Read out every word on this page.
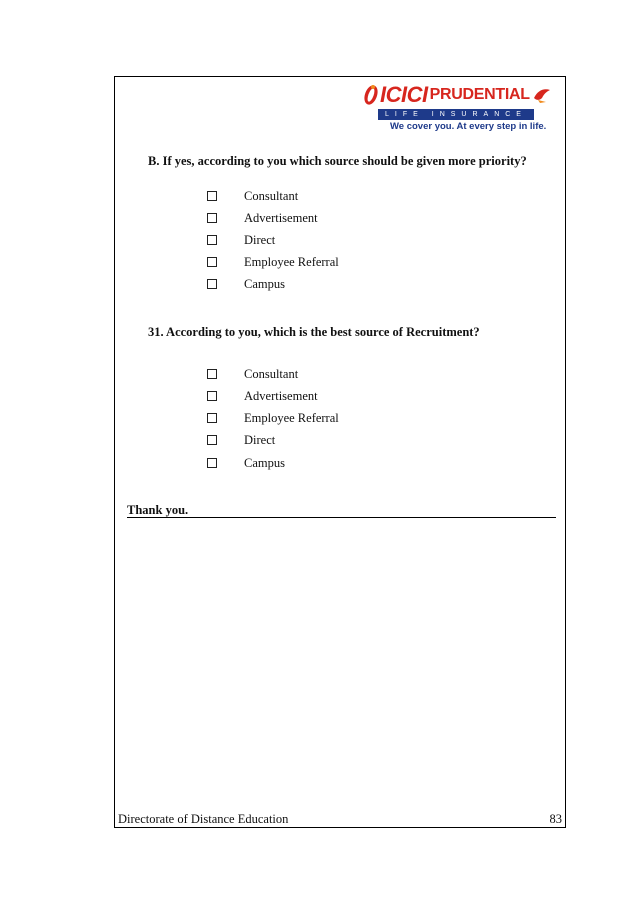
ICICI PRUDENTIAL
LIFE INSURANCE
We cover you. At every step in life.
B. If yes, according to you which source should be given more priority?
Consultant
Advertisement
Direct
Employee Referral
Campus
31. According to you, which is the best source of Recruitment?
Consultant
Advertisement
Employee Referral
Direct
Campus
Thank you.
Directorate of Distance Education	83
